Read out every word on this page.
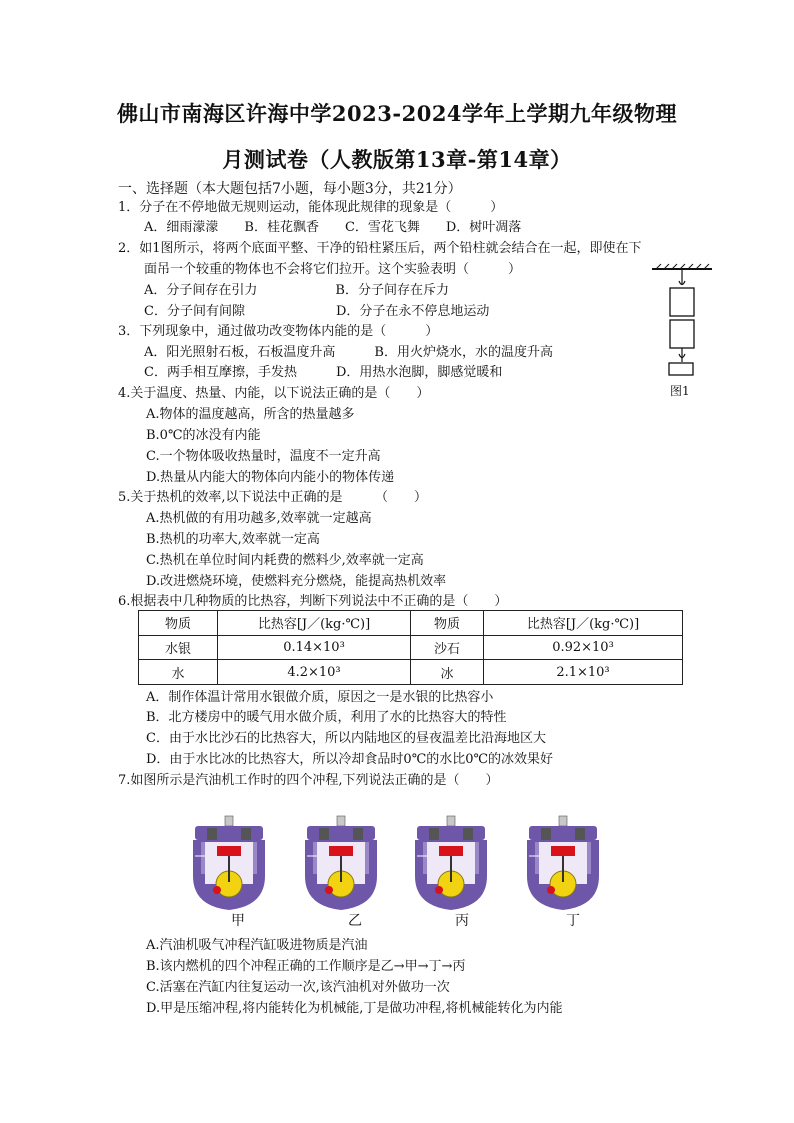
佛山市南海区许海中学2023-2024学年上学期九年级物理
月测试卷（人教版第13章-第14章）
一、选择题（本大题包括7小题，每小题3分，共21分）
1．分子在不停地做无规则运动，能体现此规律的现象是（　　　）
A．细雨濛濛　　B．桂花飘香　　C．雪花飞舞　　D．树叶凋落
2．如1图所示，将两个底面平整、干净的铅柱紧压后，两个铅柱就会结合在一起，即使在下
面吊一个较重的物体也不会将它们拉开。这个实验表明（　　　）
A．分子间存在引力　　　　　　B．分子间存在斥力
C．分子间有间隙　　　　　　　D．分子在永不停息地运动
图1
3．下列现象中，通过做功改变物体内能的是（　　　）
A．阳光照射石板，石板温度升高　　　B．用火炉烧水，水的温度升高
C．两手相互摩擦，手发热　　　D．用热水泡脚，脚感觉暖和
4.关于温度、热量、内能，以下说法正确的是（　　）
A.物体的温度越高，所含的热量越多
B.0℃的冰没有内能
C.一个物体吸收热量时，温度不一定升高
D.热量从内能大的物体向内能小的物体传递
5.关于热机的效率,以下说法中正确的是　　　（　　）
A.热机做的有用功越多,效率就一定越高
B.热机的功率大,效率就一定高
C.热机在单位时间内耗费的燃料少,效率就一定高
D.改进燃烧环境，使燃料充分燃烧，能提高热机效率
6.根据表中几种物质的比热容，判断下列说法中不正确的是（　　）
物质	比热容[J／(kg·℃)]	物质	比热容[J／(kg·℃)]
水银	0.14×10³	沙石	0.92×10³
水	4.2×10³	冰	2.1×10³
A．制作体温计常用水银做介质，原因之一是水银的比热容小
B．北方楼房中的暖气用水做介质，利用了水的比热容大的特性
C．由于水比沙石的比热容大，所以内陆地区的昼夜温差比沿海地区大
D．由于水比冰的比热容大，所以冷却食品时0℃的水比0℃的冰效果好
7.如图所示是汽油机工作时的四个冲程,下列说法正确的是（　　）
甲	乙	丙	丁
A.汽油机吸气冲程汽缸吸进物质是汽油
B.该内燃机的四个冲程正确的工作顺序是乙→甲→丁→丙
C.活塞在汽缸内往复运动一次,该汽油机对外做功一次
D.甲是压缩冲程,将内能转化为机械能,丁是做功冲程,将机械能转化为内能
